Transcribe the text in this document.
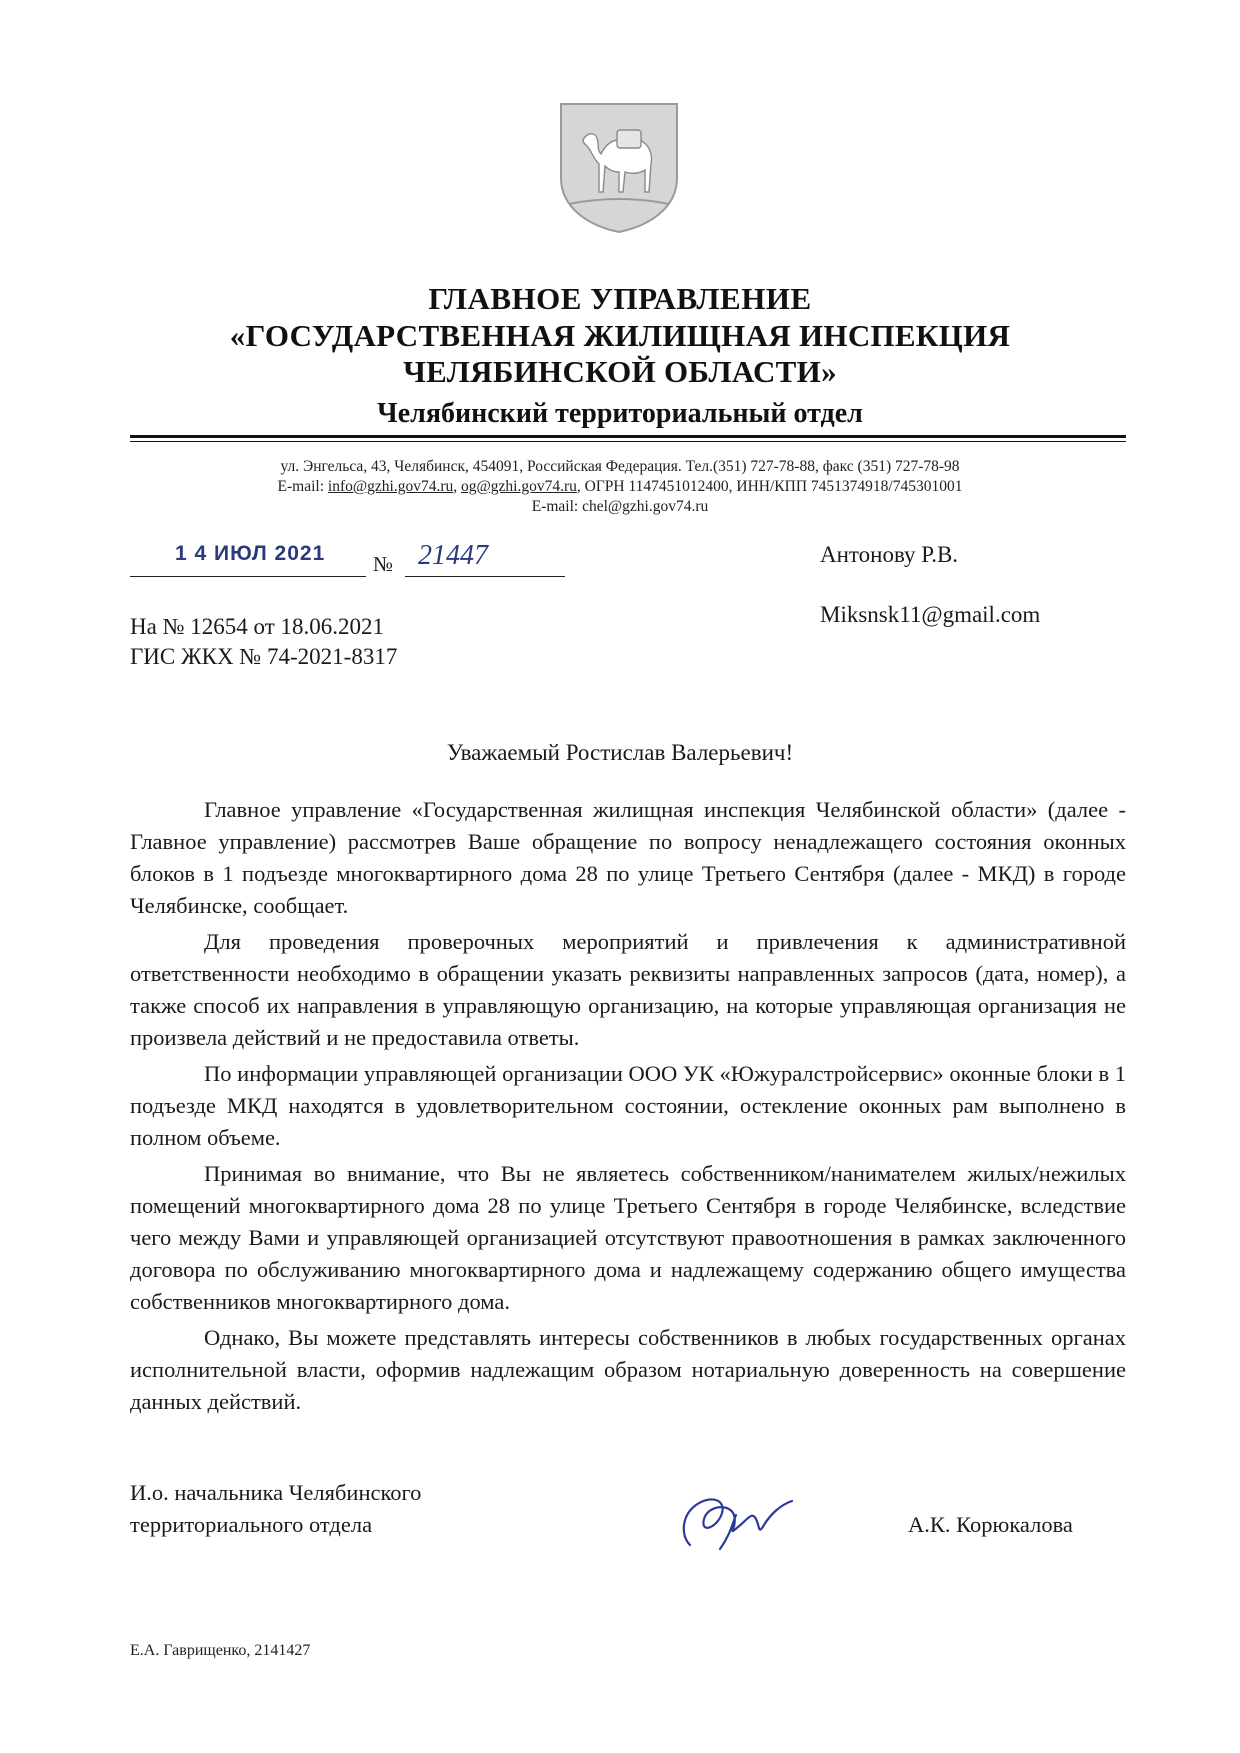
ГЛАВНОЕ УПРАВЛЕНИЕ
«ГОСУДАРСТВЕННАЯ ЖИЛИЩНАЯ ИНСПЕКЦИЯ
ЧЕЛЯБИНСКОЙ ОБЛАСТИ»
Челябинский территориальный отдел
ул. Энгельса, 43, Челябинск, 454091, Российская Федерация. Тел.(351) 727-78-88, факс (351) 727-78-98
E-mail: info@gzhi.gov74.ru, og@gzhi.gov74.ru, ОГРН 1147451012400, ИНН/КПП 7451374918/745301001
E-mail: chel@gzhi.gov74.ru
1 4 ИЮЛ 2021 № 21447	Антонову Р.В.
Miksnsk11@gmail.com
На № 12654 от 18.06.2021
ГИС ЖКХ № 74-2021-8317
Уважаемый Ростислав Валерьевич!

Главное управление «Государственная жилищная инспекция Челябинской области» (далее - Главное управление) рассмотрев Ваше обращение по вопросу ненадлежащего состояния оконных блоков в 1 подъезде многоквартирного дома 28 по улице Третьего Сентября (далее - МКД) в городе Челябинске, сообщает.

Для проведения проверочных мероприятий и привлечения к административной ответственности необходимо в обращении указать реквизиты направленных запросов (дата, номер), а также способ их направления в управляющую организацию, на которые управляющая организация не произвела действий и не предоставила ответы.

По информации управляющей организации ООО УК «Южуралстройсервис» оконные блоки в 1 подъезде МКД находятся в удовлетворительном состоянии, остекление оконных рам выполнено в полном объеме.

Принимая во внимание, что Вы не являетесь собственником/нанимателем жилых/нежилых помещений многоквартирного дома 28 по улице Третьего Сентября в городе Челябинске, вследствие чего между Вами и управляющей организацией отсутствуют правоотношения в рамках заключенного договора по обслуживанию многоквартирного дома и надлежащему содержанию общего имущества собственников многоквартирного дома.

Однако, Вы можете представлять интересы собственников в любых государственных органах исполнительной власти, оформив надлежащим образом нотариальную доверенность на совершение данных действий.

И.о. начальника Челябинского
территориального отдела	А.К. Корюкалова
Е.А. Гаврищенко, 2141427
